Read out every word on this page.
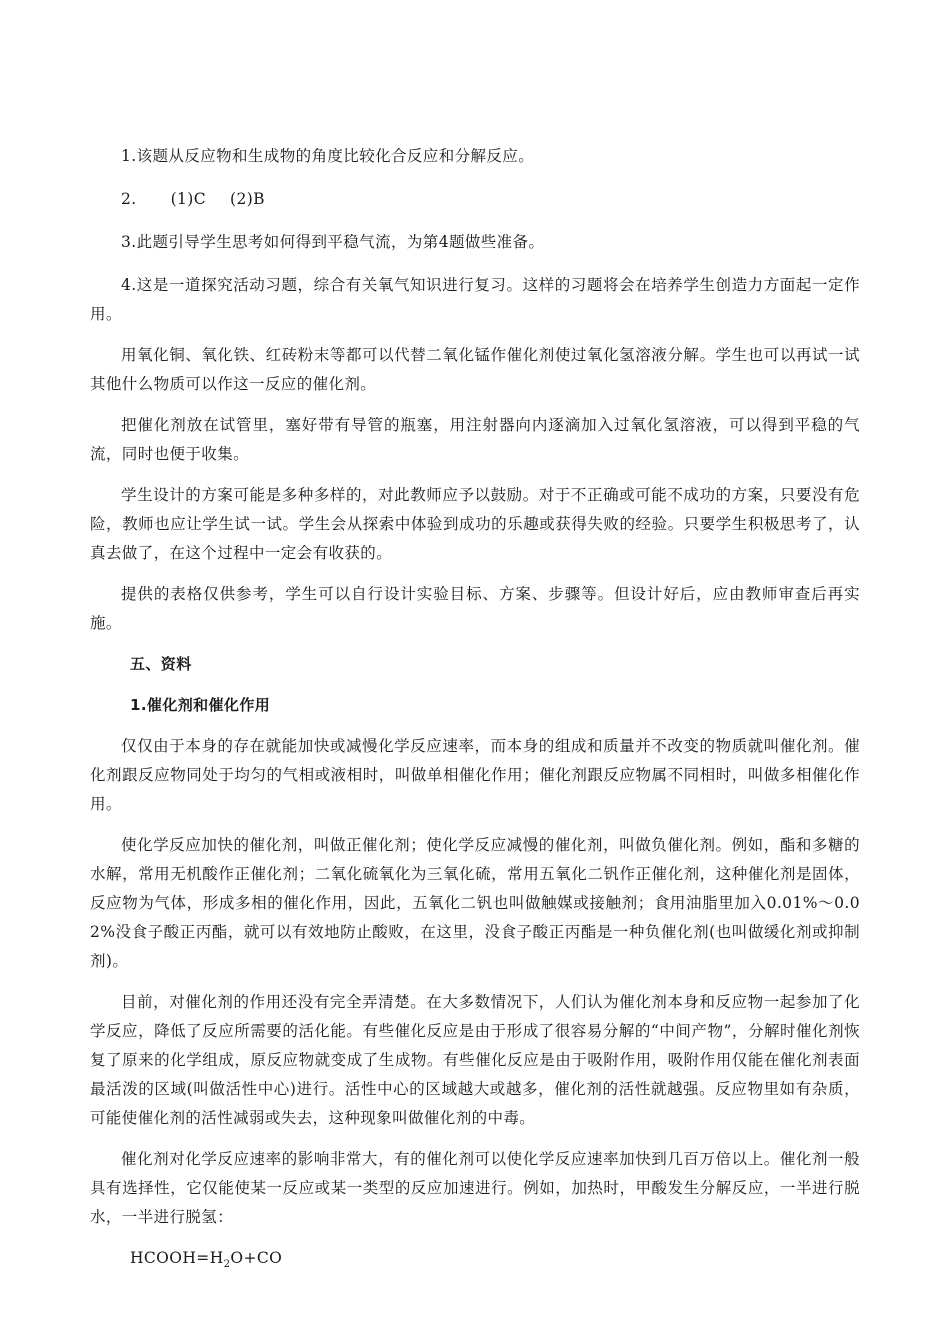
1.该题从反应物和生成物的角度比较化合反应和分解反应。

2. (1)C (2)B

3.此题引导学生思考如何得到平稳气流，为第4题做些准备。

4.这是一道探究活动习题，综合有关氧气知识进行复习。这样的习题将会在培养学生创造力方面起一定作用。

用氧化铜、氧化铁、红砖粉末等都可以代替二氧化锰作催化剂使过氧化氢溶液分解。学生也可以再试一试其他什么物质可以作这一反应的催化剂。

把催化剂放在试管里，塞好带有导管的瓶塞，用注射器向内逐滴加入过氧化氢溶液，可以得到平稳的气流，同时也便于收集。

学生设计的方案可能是多种多样的，对此教师应予以鼓励。对于不正确或可能不成功的方案，只要没有危险，教师也应让学生试一试。学生会从探索中体验到成功的乐趣或获得失败的经验。只要学生积极思考了，认真去做了，在这个过程中一定会有收获的。

提供的表格仅供参考，学生可以自行设计实验目标、方案、步骤等。但设计好后，应由教师审查后再实施。

五、资料

1.催化剂和催化作用

仅仅由于本身的存在就能加快或减慢化学反应速率，而本身的组成和质量并不改变的物质就叫催化剂。催化剂跟反应物同处于均匀的气相或液相时，叫做单相催化作用；催化剂跟反应物属不同相时，叫做多相催化作用。

使化学反应加快的催化剂，叫做正催化剂；使化学反应减慢的催化剂，叫做负催化剂。例如，酯和多糖的水解，常用无机酸作正催化剂；二氧化硫氧化为三氧化硫，常用五氧化二钒作正催化剂，这种催化剂是固体，反应物为气体，形成多相的催化作用，因此，五氧化二钒也叫做触媒或接触剂；食用油脂里加入0.01%～0.02%没食子酸正丙酯，就可以有效地防止酸败，在这里，没食子酸正丙酯是一种负催化剂(也叫做缓化剂或抑制剂)。

目前，对催化剂的作用还没有完全弄清楚。在大多数情况下，人们认为催化剂本身和反应物一起参加了化学反应，降低了反应所需要的活化能。有些催化反应是由于形成了很容易分解的“中间产物”，分解时催化剂恢复了原来的化学组成，原反应物就变成了生成物。有些催化反应是由于吸附作用，吸附作用仅能在催化剂表面最活泼的区域(叫做活性中心)进行。活性中心的区域越大或越多，催化剂的活性就越强。反应物里如有杂质，可能使催化剂的活性减弱或失去，这种现象叫做催化剂的中毒。

催化剂对化学反应速率的影响非常大，有的催化剂可以使化学反应速率加快到几百万倍以上。催化剂一般具有选择性，它仅能使某一反应或某一类型的反应加速进行。例如，加热时，甲酸发生分解反应，一半进行脱水，一半进行脱氢：

$HCOOH=H_2O+CO$
